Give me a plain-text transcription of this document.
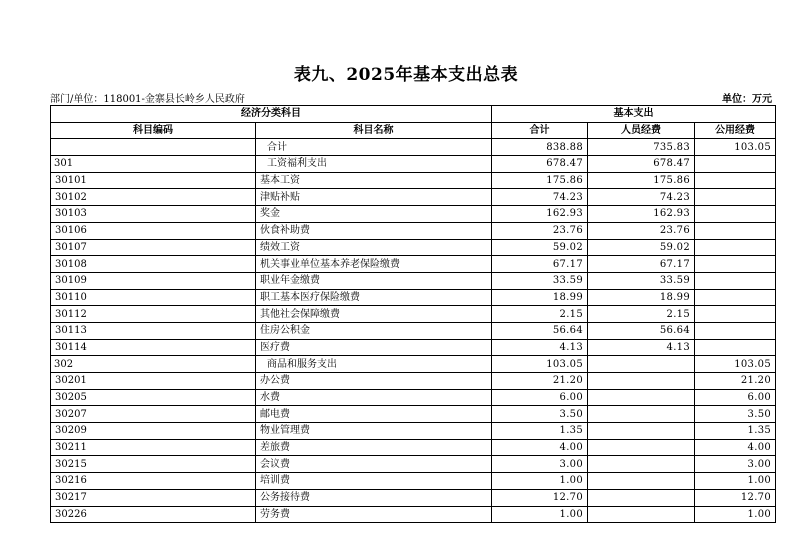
表九、2025年基本支出总表
部门/单位：118001-金寨县长岭乡人民政府	单位：万元
经济分类科目		基本支出		
科目编码	科目名称	合计	人员经费	公用经费
	合计	838.88	735.83	103.05
301	工资福利支出	678.47	678.47	
30101	基本工资	175.86	175.86	
30102	津贴补贴	74.23	74.23	
30103	奖金	162.93	162.93	
30106	伙食补助费	23.76	23.76	
30107	绩效工资	59.02	59.02	
30108	机关事业单位基本养老保险缴费	67.17	67.17	
30109	职业年金缴费	33.59	33.59	
30110	职工基本医疗保险缴费	18.99	18.99	
30112	其他社会保障缴费	2.15	2.15	
30113	住房公积金	56.64	56.64	
30114	医疗费	4.13	4.13	
302	商品和服务支出	103.05		103.05
30201	办公费	21.20		21.20
30205	水费	6.00		6.00
30207	邮电费	3.50		3.50
30209	物业管理费	1.35		1.35
30211	差旅费	4.00		4.00
30215	会议费	3.00		3.00
30216	培训费	1.00		1.00
30217	公务接待费	12.70		12.70
30226	劳务费	1.00		1.00
